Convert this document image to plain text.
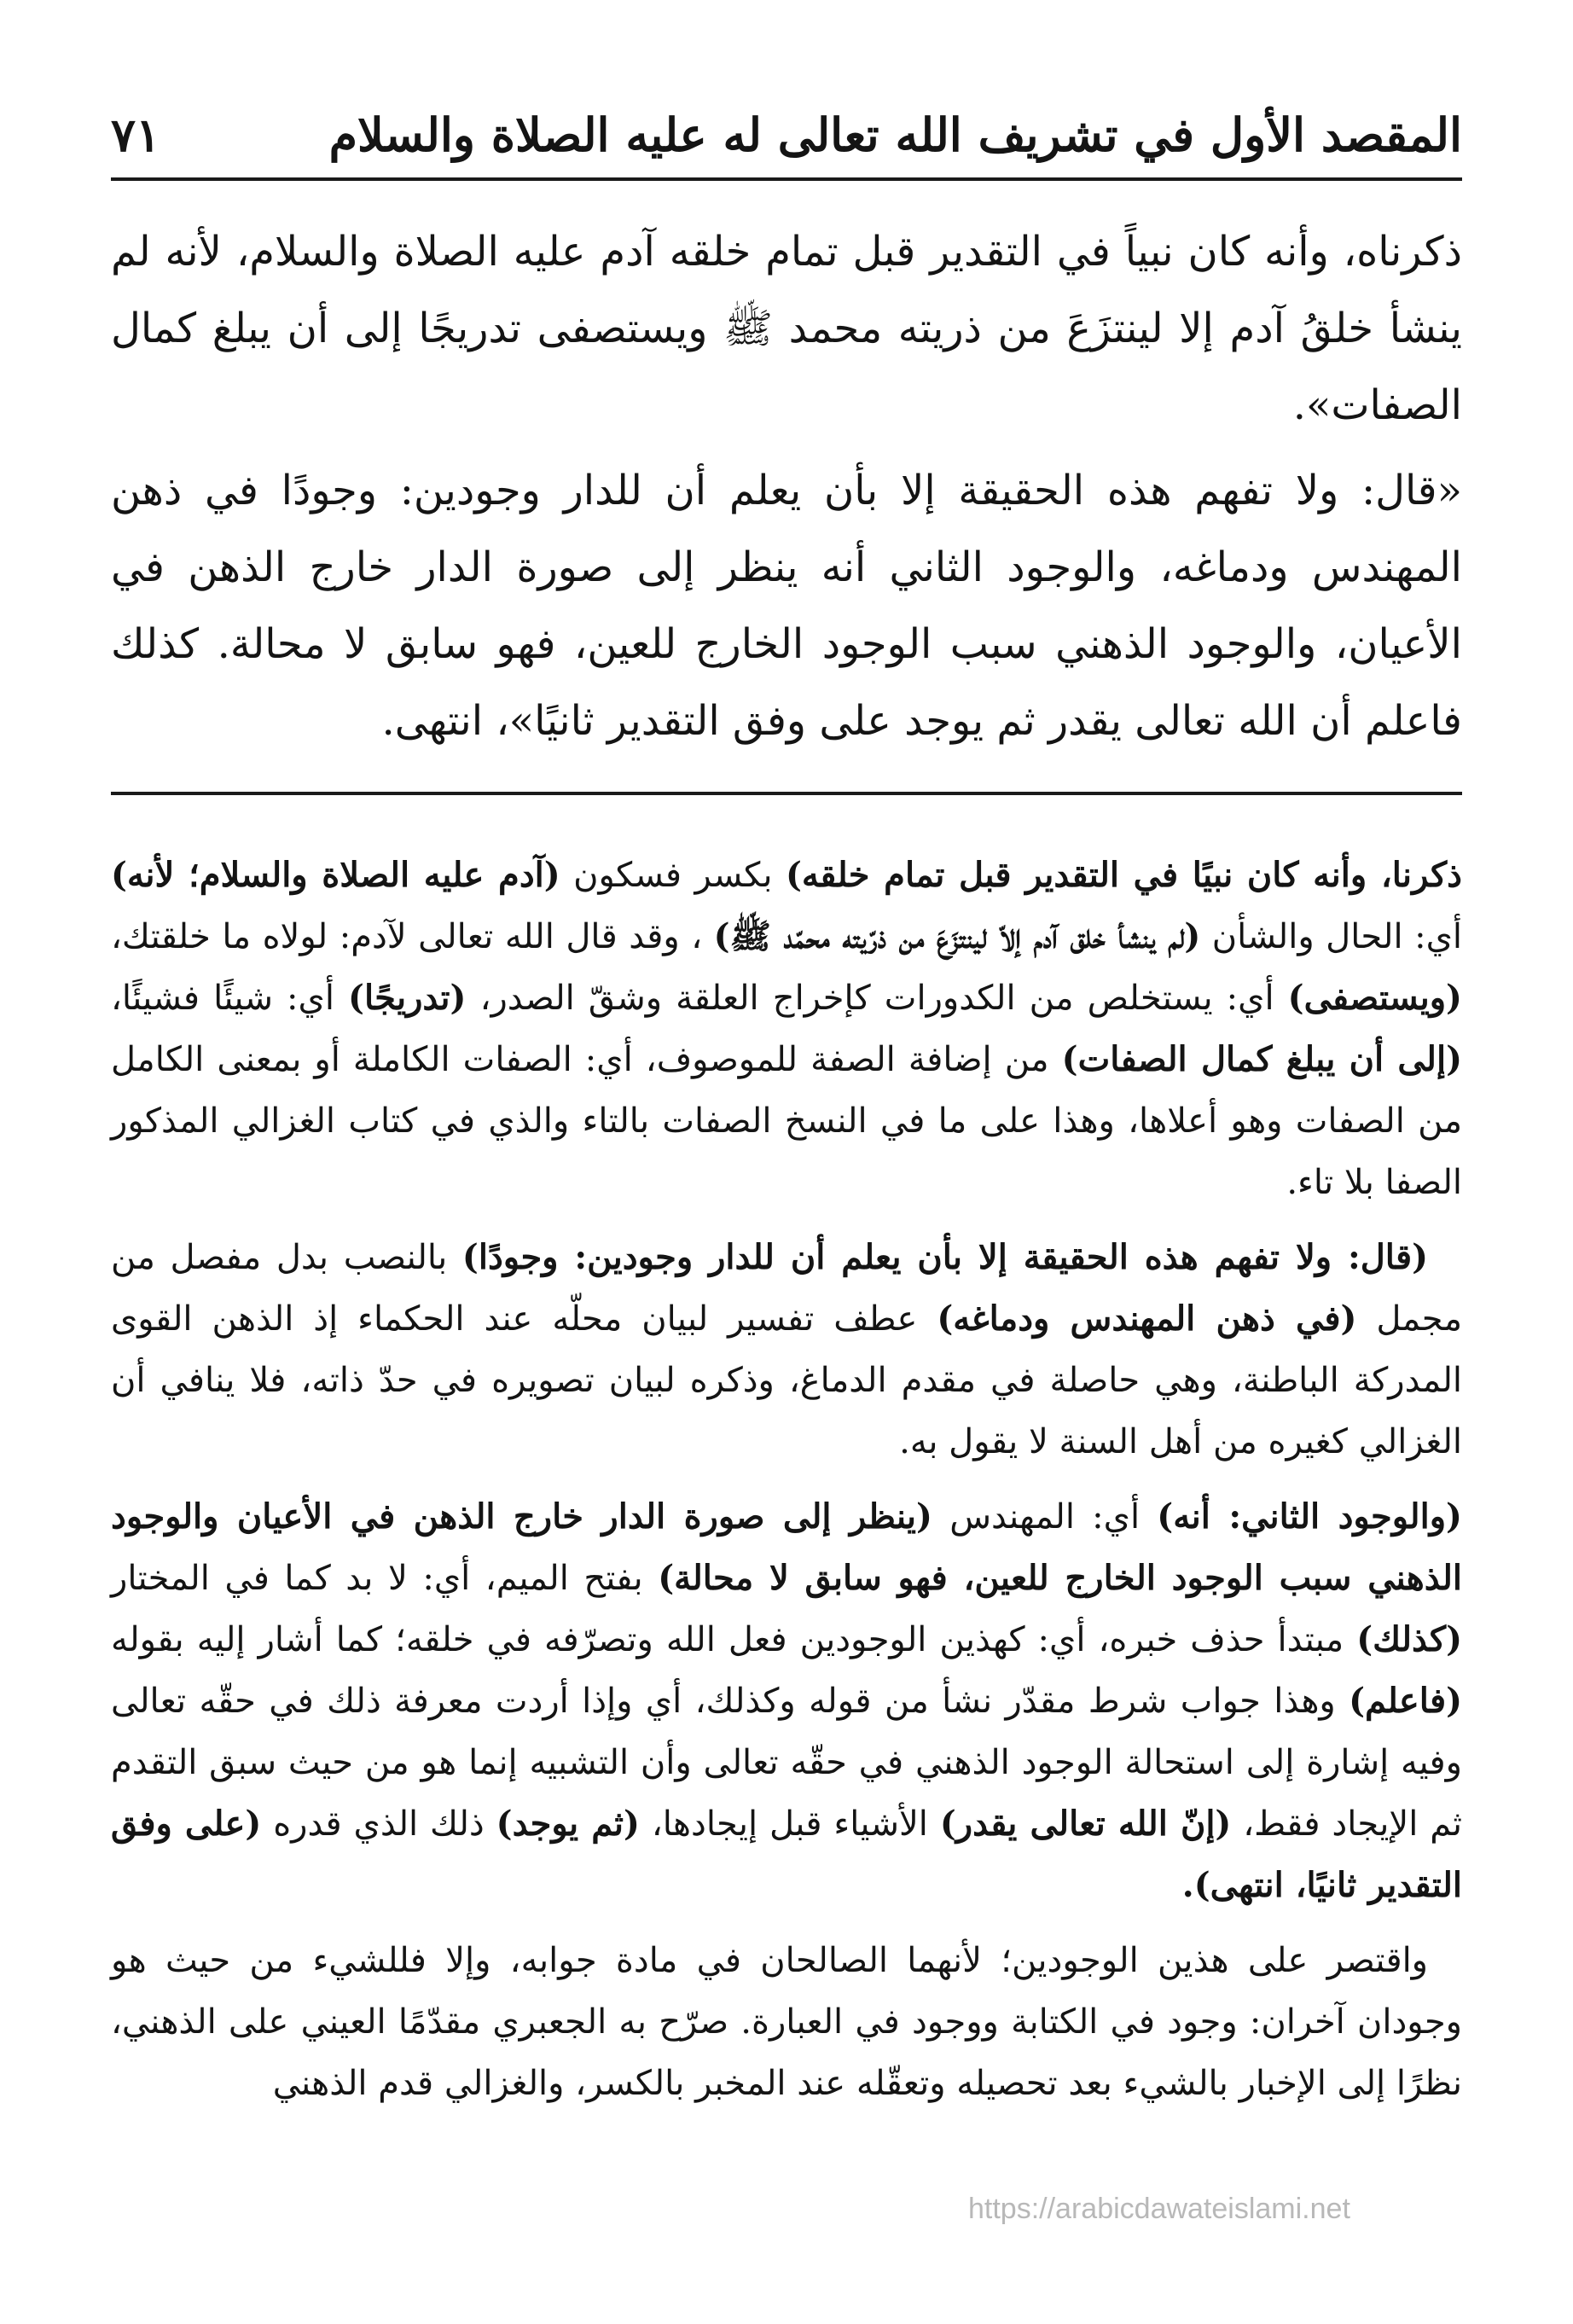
المقصد الأول في تشريف الله تعالى له عليه الصلاة والسلام
٧١

ذكرناه، وأنه كان نبياً في التقدير قبل تمام خلقه آدم عليه الصلاة والسلام، لأنه لم ينشأ خلقُ آدم إلا لينتزَعَ من ذريته محمد ﷺ ويستصفى تدريجًا إلى أن يبلغ كمال الصفات».

«قال: ولا تفهم هذه الحقيقة إلا بأن يعلم أن للدار وجودين: وجودًا في ذهن المهندس ودماغه، والوجود الثاني أنه ينظر إلى صورة الدار خارج الذهن في الأعيان، والوجود الذهني سبب الوجود الخارج للعين، فهو سابق لا محالة. كذلك فاعلم أن الله تعالى يقدر ثم يوجد على وفق التقدير ثانيًا»، انتهى.

ذكرنا، وأنه كان نبيًا في التقدير قبل تمام خلقه) بكسر فسكون (آدم عليه الصلاة والسلام؛ لأنه) أي: الحال والشأن (لم ينشأ خلق آدم إلاّ لينتزَعَ من ذرّيته محمّد ﷺ) ، وقد قال الله تعالى لآدم: لولاه ما خلقتك، (ويستصفى) أي: يستخلص من الكدورات كإخراج العلقة وشقّ الصدر، (تدريجًا) أي: شيئًا فشيئًا، (إلى أن يبلغ كمال الصفات) من إضافة الصفة للموصوف، أي: الصفات الكاملة أو بمعنى الكامل من الصفات وهو أعلاها، وهذا على ما في النسخ الصفات بالتاء والذي في كتاب الغزالي المذكور الصفا بلا تاء.

(قال: ولا تفهم هذه الحقيقة إلا بأن يعلم أن للدار وجودين: وجودًا) بالنصب بدل مفصل من مجمل (في ذهن المهندس ودماغه) عطف تفسير لبيان محلّه عند الحكماء إذ الذهن القوى المدركة الباطنة، وهي حاصلة في مقدم الدماغ، وذكره لبيان تصويره في حدّ ذاته، فلا ينافي أن الغزالي كغيره من أهل السنة لا يقول به.

(والوجود الثاني: أنه) أي: المهندس (ينظر إلى صورة الدار خارج الذهن في الأعيان والوجود الذهني سبب الوجود الخارج للعين، فهو سابق لا محالة) بفتح الميم، أي: لا بد كما في المختار (كذلك) مبتدأ حذف خبره، أي: كهذين الوجودين فعل الله وتصرّفه في خلقه؛ كما أشار إليه بقوله (فاعلم) وهذا جواب شرط مقدّر نشأ من قوله وكذلك، أي وإذا أردت معرفة ذلك في حقّه تعالى وفيه إشارة إلى استحالة الوجود الذهني في حقّه تعالى وأن التشبيه إنما هو من حيث سبق التقدم ثم الإيجاد فقط، (إنّ الله تعالى يقدر) الأشياء قبل إيجادها، (ثم يوجد) ذلك الذي قدره (على وفق التقدير ثانيًا، انتهى).

واقتصر على هذين الوجودين؛ لأنهما الصالحان في مادة جوابه، وإلا فللشيء من حيث هو وجودان آخران: وجود في الكتابة ووجود في العبارة. صرّح به الجعبري مقدّمًا العيني على الذهني، نظرًا إلى الإخبار بالشيء بعد تحصيله وتعقّله عند المخبر بالكسر، والغزالي قدم الذهني

https://arabicdawateislami.net
